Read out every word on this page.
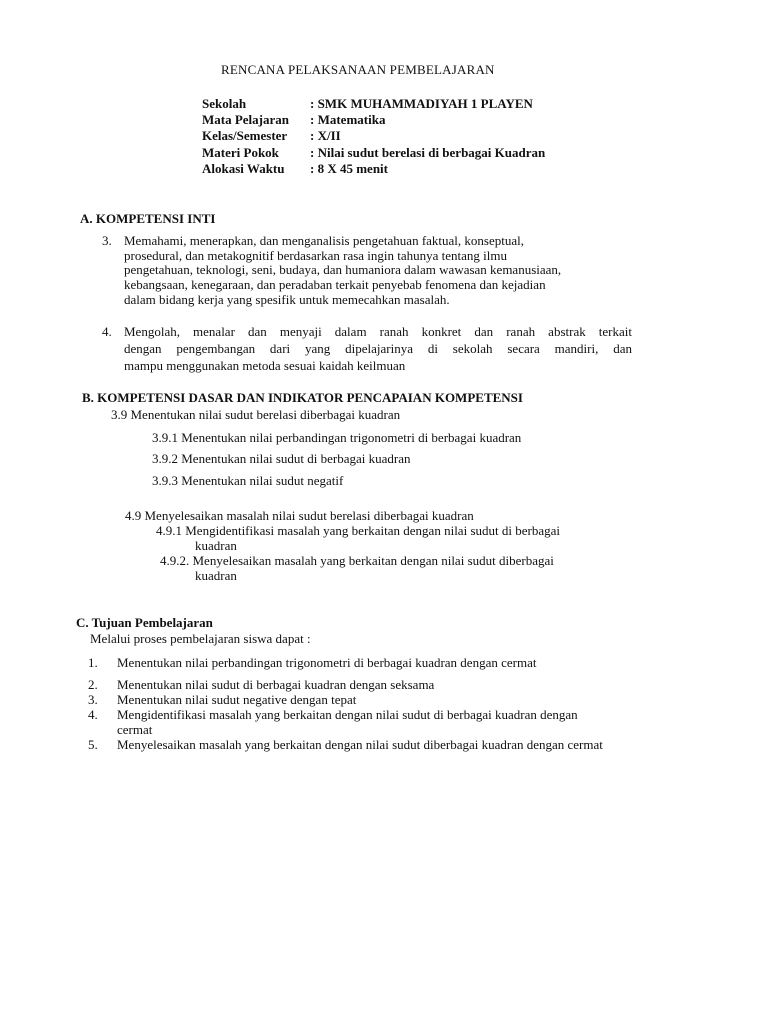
RENCANA PELAKSANAAN PEMBELAJARAN
Sekolah	: SMK MUHAMMADIYAH 1 PLAYEN
Mata Pelajaran : Matematika
Kelas/Semester : X/II
Materi Pokok : Nilai sudut berelasi di berbagai Kuadran
Alokasi Waktu : 8 X 45 menit
A. KOMPETENSI INTI
3. Memahami, menerapkan, dan menganalisis pengetahuan faktual, konseptual,
prosedural, dan metakognitif berdasarkan rasa ingin tahunya tentang ilmu
pengetahuan, teknologi, seni, budaya, dan humaniora dalam wawasan kemanusiaan,
kebangsaan, kenegaraan, dan peradaban terkait penyebab fenomena dan kejadian
dalam bidang kerja yang spesifik untuk memecahkan masalah.
4. Mengolah, menalar dan menyaji dalam ranah konkret dan ranah abstrak terkait
dengan pengembangan dari yang dipelajarinya di sekolah secara mandiri, dan
mampu menggunakan metoda sesuai kaidah keilmuan
B. KOMPETENSI DASAR DAN INDIKATOR PENCAPAIAN KOMPETENSI
3.9 Menentukan nilai sudut berelasi diberbagai kuadran
3.9.1 Menentukan nilai perbandingan trigonometri di berbagai kuadran
3.9.2 Menentukan nilai sudut di berbagai kuadran
3.9.3 Menentukan nilai sudut negatif
4.9 Menyelesaikan masalah nilai sudut berelasi diberbagai kuadran
4.9.1 Mengidentifikasi masalah yang berkaitan dengan nilai sudut di berbagai
kuadran
4.9.2. Menyelesaikan masalah yang berkaitan dengan nilai sudut diberbagai
kuadran
C. Tujuan Pembelajaran
Melalui proses pembelajaran siswa dapat :
1. Menentukan nilai perbandingan trigonometri di berbagai kuadran dengan cermat
2. Menentukan nilai sudut di berbagai kuadran dengan seksama
3. Menentukan nilai sudut negative dengan tepat
4. Mengidentifikasi masalah yang berkaitan dengan nilai sudut di berbagai kuadran dengan
cermat
5. Menyelesaikan masalah yang berkaitan dengan nilai sudut diberbagai kuadran dengan cermat
